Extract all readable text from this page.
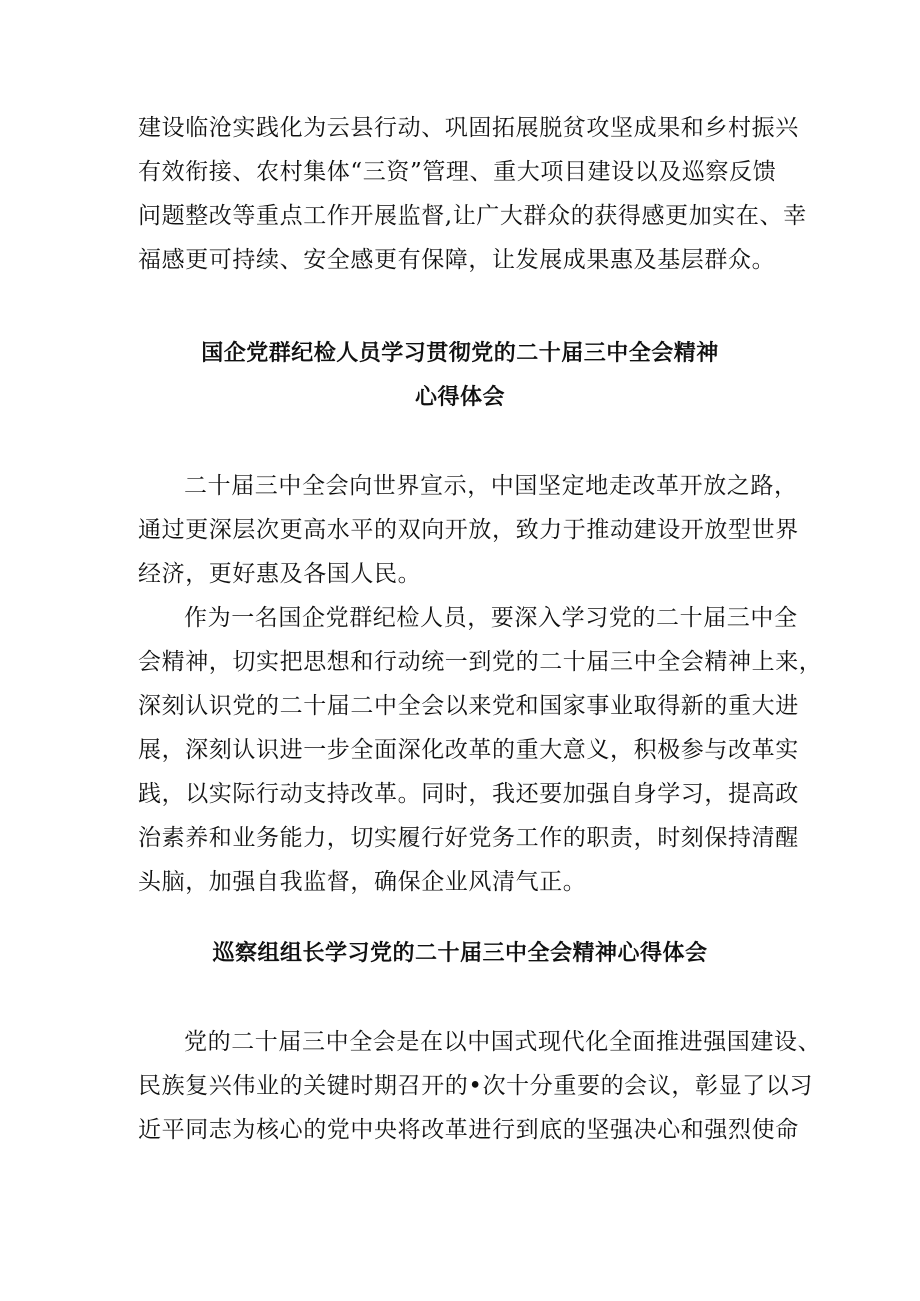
建设临沧实践化为云县行动、巩固拓展脱贫攻坚成果和乡村振兴
有效衔接、农村集体“三资”管理、重大项目建设以及巡察反馈
问题整改等重点工作开展监督,让广大群众的获得感更加实在、幸
福感更可持续、安全感更有保障，让发展成果惠及基层群众。

国企党群纪检人员学习贯彻党的二十届三中全会精神
心得体会

二十届三中全会向世界宣示，中国坚定地走改革开放之路，
通过更深层次更高水平的双向开放，致力于推动建设开放型世界
经济，更好惠及各国人民。

作为一名国企党群纪检人员，要深入学习党的二十届三中全
会精神，切实把思想和行动统一到党的二十届三中全会精神上来，
深刻认识党的二十届二中全会以来党和国家事业取得新的重大进
展，深刻认识进一步全面深化改革的重大意义，积极参与改革实
践，以实际行动支持改革。同时，我还要加强自身学习，提高政
治素养和业务能力，切实履行好党务工作的职责，时刻保持清醒
头脑，加强自我监督，确保企业风清气正。

巡察组组长学习党的二十届三中全会精神心得体会

党的二十届三中全会是在以中国式现代化全面推进强国建设、
民族复兴伟业的关键时期召开的•次十分重要的会议，彰显了以习
近平同志为核心的党中央将改革进行到底的坚强决心和强烈使命
